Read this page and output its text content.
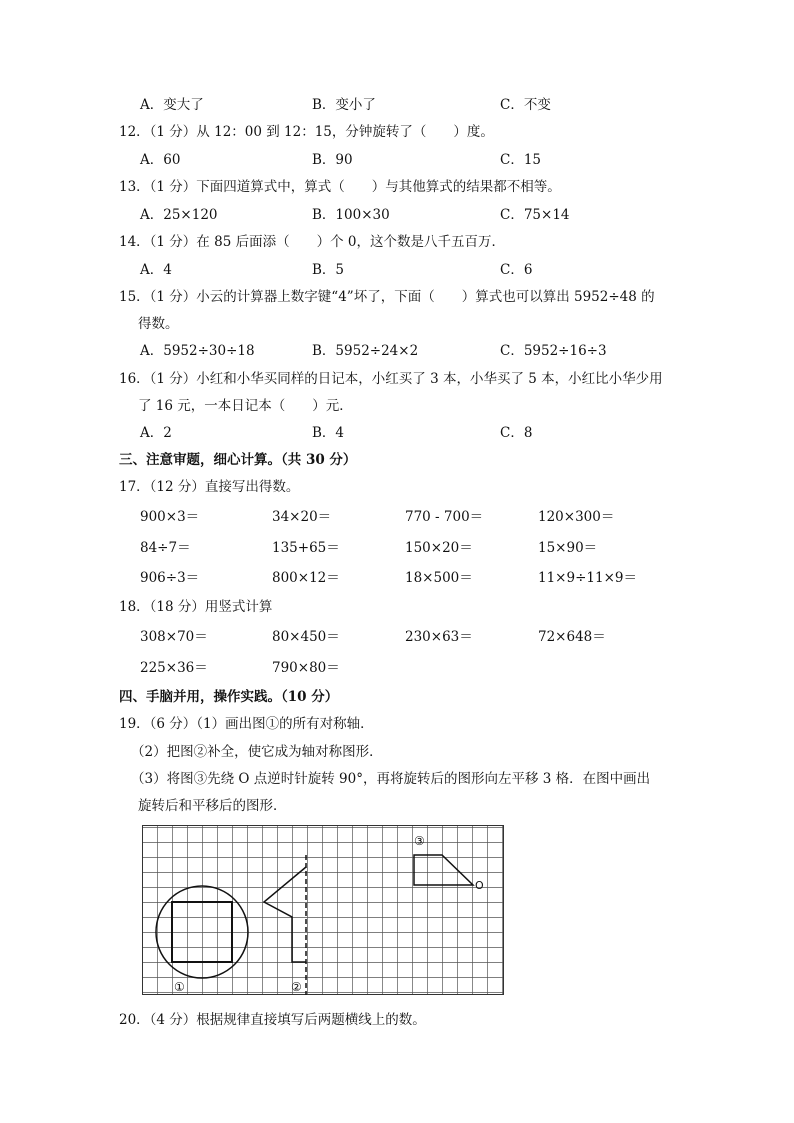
A．变大了	B．变小了	C．不变
12．（1 分）从 12：00 到 12：15，分钟旋转了（　　）度。
A．60	B．90	C．15
13．（1 分）下面四道算式中，算式（　　）与其他算式的结果都不相等。
A．25×120	B．100×30	C．75×14
14．（1 分）在 85 后面添（　　）个 0，这个数是八千五百万．
A．4	B．5	C．6
15．（1 分）小云的计算器上数字键“4”坏了，下面（　　）算式也可以算出 5952÷48 的
得数。
A．5952÷30÷18	B．5952÷24×2	C．5952÷16÷3
16．（1 分）小红和小华买同样的日记本，小红买了 3 本，小华买了 5 本，小红比小华少用
了 16 元，一本日记本（　　）元．
A．2	B．4	C．8
三、注意审题，细心计算。（共 30 分）
17．（12 分）直接写出得数。
900×3＝	34×20＝	770 - 700＝	120×300＝
84÷7＝	135+65＝	150×20＝	15×90＝
906÷3＝	800×12＝	18×500＝	11×9÷11×9＝
18．（18 分）用竖式计算
308×70＝	80×450＝	230×63＝	72×648＝
225×36＝	790×80＝
四、手脑并用，操作实践。（10 分）
19．（6 分）（1）画出图①的所有对称轴．
（2）把图②补全，使它成为轴对称图形．
（3）将图③先绕 O 点逆时针旋转 90°，再将旋转后的图形向左平移 3 格．在图中画出
旋转后和平移后的图形．
①	②
③
O
20．（4 分）根据规律直接填写后两题横线上的数。
